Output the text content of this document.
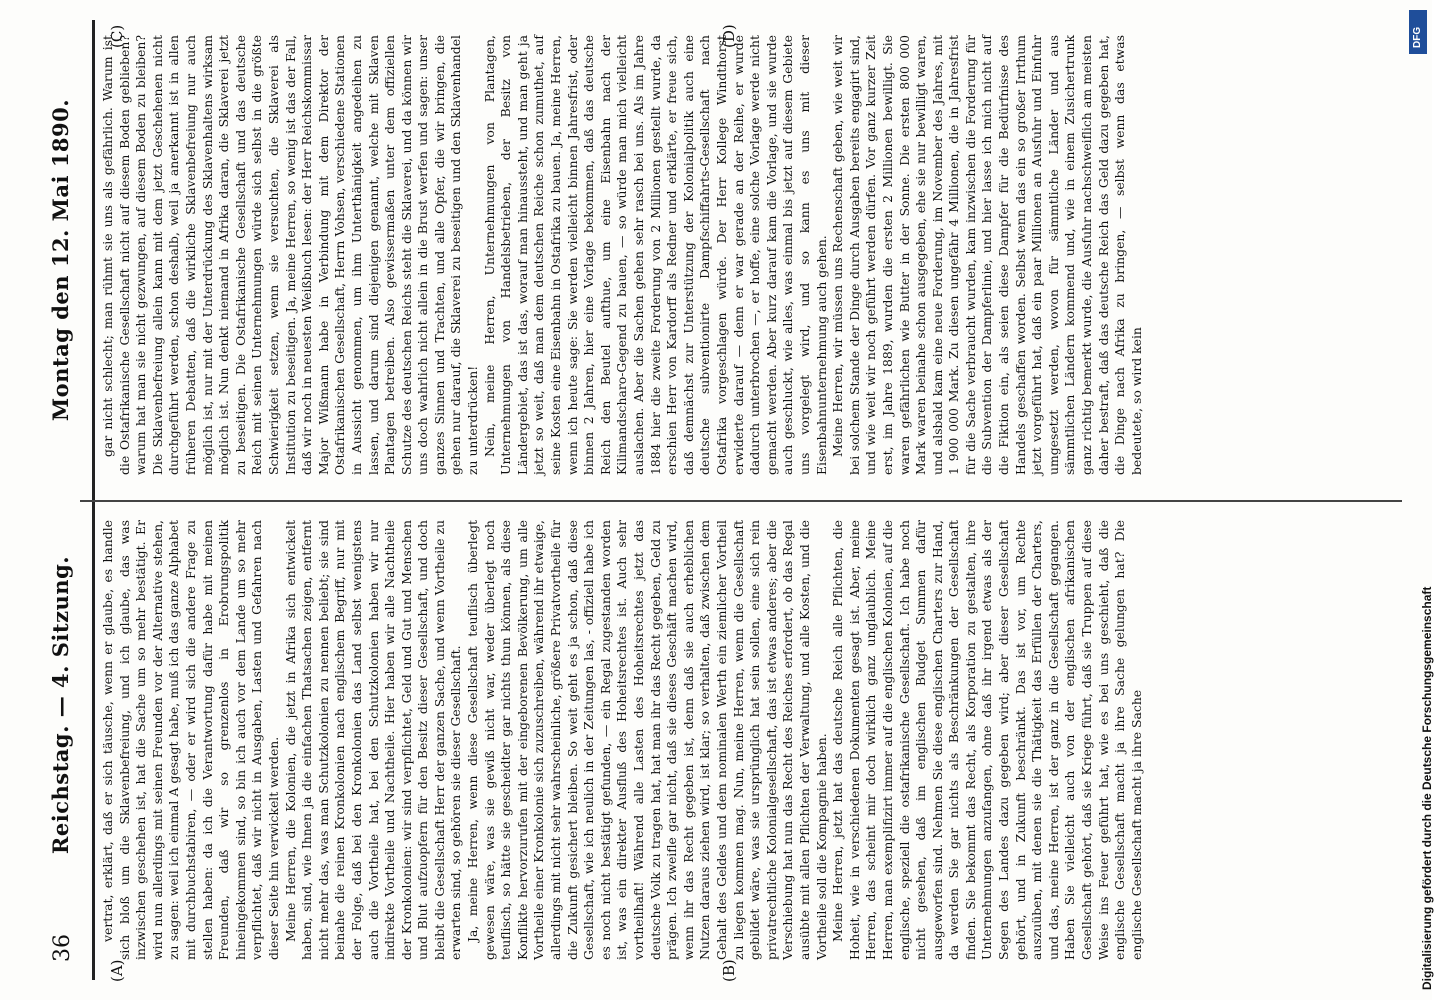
36
Reichstag. — 4. Sitzung.
Montag den 12. Mai 1890.
(A)	(B)
(C)	(D)

vertrat, erklärt, daß er sich täusche, wenn er glaube, es handle sich bloß um die Sklavenbefreiung, und ich glaube, das was inzwischen geschehen ist, hat die Sache um so mehr bestätigt. Er wird nun allerdings mit seinen Freunden vor der Alternative stehen, zu sagen: weil ich einmal A gesagt habe, muß ich das ganze Alphabet mit durchbuchstabiren, — oder er wird sich die andere Frage zu stellen haben: da ich die Verantwortung dafür habe mit meinen Freunden, daß wir so grenzenlos in Erobrungspolitik hineingekommen sind, so bin ich auch vor dem Lande um so mehr verpflichtet, daß wir nicht in Ausgaben, Lasten und Gefahren nach dieser Seite hin verwickelt werden. Meine Herren, die Kolonien, die jetzt in Afrika sich entwickelt haben, sind, wie Ihnen ja die einfachen Thatsachen zeigen, entfernt nicht mehr das, was man Schutzkolonien zu nennen beliebt; sie sind beinahe die reinen Kronkolonien nach englischem Begriff, nur mit der Folge, daß bei den Kronkolonien das Land selbst wenigstens auch die Vortheile hat, bei den Schutzkolonien haben wir nur indirekte Vortheile und Nachtheile. Hier haben wir alle Nachtheile der Kronkolonien: wir sind verpflichtet, Geld und Gut und Menschen und Blut aufzuopfern für den Besitz dieser Gesellschaft, und doch bleibt die Gesellschaft Herr der ganzen Sache, und wenn Vortheile zu erwarten sind, so gehören sie dieser Gesellschaft. Ja, meine Herren, wenn diese Gesellschaft teuflisch überlegt gewesen wäre, was sie gewiß nicht war, weder überlegt noch teuflisch, so hätte sie gescheidter gar nichts thun können, als diese Konflikte hervorzurufen mit der eingeborenen Bevölkerung, um alle Vortheile einer Kronkolonie sich zuzuschreiben, während ihr etwaige, allerdings mit nicht sehr wahrscheinliche, größere Privatvortheile für die Zukunft gesichert bleiben. So weit geht es ja schon, daß diese Gesellschaft, wie ich neulich in der Zeitungen las, - offiziell habe ich es noch nicht bestätigt gefunden, — ein Regal zugestanden worden ist, was ein direkter Ausfluß des Hoheitsrechtes ist. Auch sehr vortheilhaft! Während alle Lasten des Hoheitsrechtes jetzt das deutsche Volk zu tragen hat, hat man ihr das Recht gegeben, Geld zu prägen. Ich zweifle gar nicht, daß sie dieses Geschäft machen wird, wenn ihr das Recht gegeben ist, denn daß sie auch erheblichen Nutzen daraus ziehen wird, ist klar; so verhalten, daß zwischen dem Gehalt des Geldes und dem nominalen Werth ein ziemlicher Vortheil zu liegen kommen mag. Nun, meine Herren, wenn die Gesellschaft gebildet wäre, was sie ursprünglich hat sein sollen, eine sich rein privatrechtliche Kolonialgesellschaft, das ist etwas anderes; aber die Verschiebung hat nun das Recht des Reiches erfordert, ob das Regal ausübte mit allen Pflichten der Verwaltung, und alle Kosten, und die Vortheile soll die Kompagnie haben. Meine Herren, jetzt hat das deutsche Reich alle Pflichten, die Hoheit, wie in verschiedenen Dokumenten gesagt ist. Aber, meine Herren, das scheint mir doch wirklich ganz unglaublich. Meine Herren, man exemplifizirt immer auf die englischen Kolonien, auf die englische, speziell die ostafrikanische Gesellschaft. Ich habe noch nicht gesehen, daß im englischen Budget Summen dafür ausgeworfen sind. Nehmen Sie diese englischen Charters zur Hand, da werden Sie gar nichts als Beschränkungen der Gesellschaft finden. Sie bekommt das Recht, als Korporation zu gestalten, ihre Unternehmungen anzufangen, ohne daß ihr irgend etwas als der Segen des Landes dazu gegeben wird; aber dieser Gesellschaft gehört, und in Zukunft beschränkt. Das ist vor, um Rechte auszuüben, mit denen sie die Thätigkeit das Erfüllen der Charters, und das, meine Herren, ist der ganz in die Gesellschaft gegangen. Haben Sie vielleicht auch von der englischen afrikanischen Gesellschaft gehört, daß sie Kriege führt, daß sie Truppen auf diese Weise ins Feuer geführt hat, wie es bei uns geschieht, daß die englische Gesellschaft macht ja ihre Sache gelungen hat? Die englische Gesellschaft macht ja ihre Sache

gar nicht schlecht; man rühmt sie uns als gefährlich. Warum ist die Ostafrikanische Gesellschaft nicht auf diesem Boden geblieben? warum hat man sie nicht gezwungen, auf diesem Boden zu bleiben? Die Sklavenbefreiung allein kann mit dem jetzt Geschehenen nicht durchgeführt werden, schon deshalb, weil ja anerkannt ist in allen früheren Debatten, daß die wirkliche Sklavenbefreiung nur auch möglich ist, nur mit der Unterdrückung des Sklavenhaltens wirksam möglich ist. Nun denkt niemand in Afrika daran, die Sklaverei jetzt zu beseitigen. Die Ostafrikanische Gesellschaft und das deutsche Reich mit seinen Unternehmungen würde sich selbst in die größte Schwierigkeit setzen, wenn sie versuchten, die Sklaverei als Institution zu beseitigen. Ja, meine Herren, so wenig ist das der Fall, daß wir noch in neuesten Weißbuch lesen: der Herr Reichskommissar Major Wißmann habe in Verbindung mit dem Direktor der Ostafrikanischen Gesellschaft, Herrn Vohsen, verschiedene Stationen in Aussicht genommen, um ihm Unterthänigkeit angedeihen zu lassen, und darum sind diejenigen genannt, welche mit Sklaven Plantagen betreiben. Also gewissermaßen unter dem offiziellen Schutze des deutschen Reichs steht die Sklaverei, und da können wir uns doch wahrlich nicht allein in die Brust werfen und sagen: unser ganzes Sinnen und Trachten, und alle Opfer, die wir bringen, die gehen nur darauf, die Sklaverei zu beseitigen und den Sklavenhandel zu unterdrücken! Nein, meine Herren, Unternehmungen von Plantagen, Unternehmungen von Handelsbetrieben, der Besitz von Ländergebiet, das ist das, worauf man hinaussteht, und man geht ja jetzt so weit, daß man dem deutschen Reiche schon zumuthet, auf seine Kosten eine Eisenbahn in Ostafrika zu bauen. Ja, meine Herren, wenn ich heute sage: Sie werden vielleicht binnen Jahresfrist, oder binnen 2 Jahren, hier eine Vorlage bekommen, daß das deutsche Reich den Beutel aufthue, um eine Eisenbahn nach der Kilimandscharo-Gegend zu bauen, — so würde man mich vielleicht auslachen. Aber die Sachen gehen sehr rasch bei uns. Als im Jahre 1884 hier die zweite Forderung von 2 Millionen gestellt wurde, da erschien Herr von Kardorff als Redner und erklärte, er freue sich, daß demnächst zur Unterstützung der Kolonialpolitik auch eine deutsche subventionirte Dampfschiffahrts-Gesellschaft nach Ostafrika vorgeschlagen würde. Der Herr Kollege Windthorst erwiderte darauf — denn er war gerade an der Reihe, er wurde dadurch unterbrochen —, er hoffe, eine solche Vorlage werde nicht gemacht werden. Aber kurz darauf kam die Vorlage, und sie wurde auch geschluckt, wie alles, was einmal bis jetzt auf diesem Gebiete uns vorgelegt wird, und so kann es uns mit dieser Eisenbahnunternehmung auch gehen. Meine Herren, wir müssen uns Rechenschaft geben, wie weit wir bei solchem Stande der Dinge durch Ausgaben bereits engagirt sind, und wie weit wir noch geführt werden dürfen. Vor ganz kurzer Zeit erst, im Jahre 1889, wurden die ersten 2 Millionen bewilligt. Sie waren gefährlichen wie Butter in der Sonne. Die ersten 800 000 Mark waren beinahe schon ausgegeben, ehe sie nur bewilligt waren, und alsbald kam eine neue Forderung, im November des Jahres, mit 1 900 000 Mark. Zu diesen ungefähr 4 Millionen, die in Jahresfrist für die Sache verbraucht wurden, kam inzwischen die Forderung für die Subvention der Dampferlinie, und hier lasse ich mich nicht auf die Fiktion ein, als seien diese Dampfer für die Bedürfnisse des Handels geschaffen worden. Selbst wenn das ein so großer Irrthum jetzt vorgeführt hat, daß ein paar Millionen an Ausfuhr und Einfuhr umgesetzt werden, wovon für sämmtliche Länder und aus sämmtlichen Ländern kommend und, wie in einem Zusichertrunk ganz richtig bemerkt wurde, die Ausfuhr nachschweiflich am meisten daher bestraft, daß das deutsche Reich das Geld dazu gegeben hat, die Dinge nach Afrika zu bringen, — selbst wenn das etwas bedeutete, so wird kein

DFG
Digitalisierung gefördert durch die Deutsche Forschungsgemeinschaft
